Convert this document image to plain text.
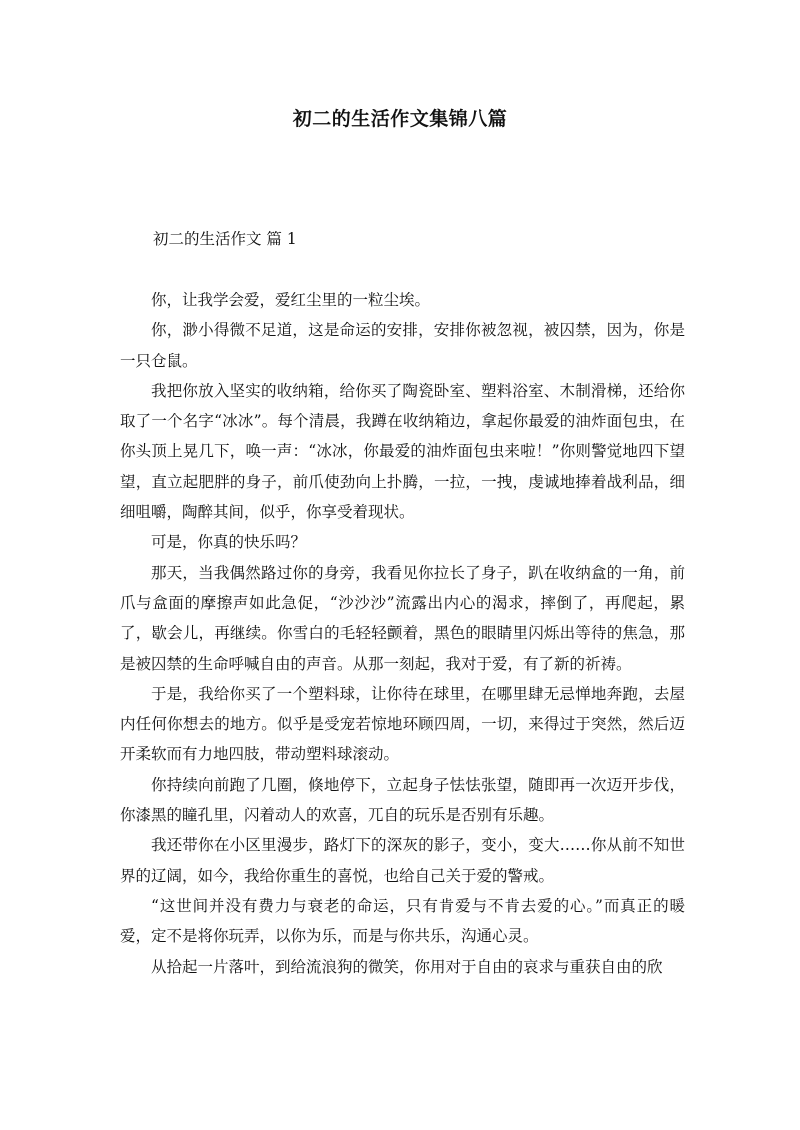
初二的生活作文集锦八篇
初二的生活作文 篇 1

你，让我学会爱，爱红尘里的一粒尘埃。

你，渺小得微不足道，这是命运的安排，安排你被忽视，被囚禁，因为，你是一只仓鼠。

我把你放入坚实的收纳箱，给你买了陶瓷卧室、塑料浴室、木制滑梯，还给你取了一个名字“冰冰”。每个清晨，我蹲在收纳箱边，拿起你最爱的油炸面包虫，在你头顶上晃几下，唤一声：“冰冰，你最爱的油炸面包虫来啦！”你则警觉地四下望望，直立起肥胖的身子，前爪使劲向上扑腾，一拉，一拽，虔诚地捧着战利品，细细咀嚼，陶醉其间，似乎，你享受着现状。

可是，你真的快乐吗？

那天，当我偶然路过你的身旁，我看见你拉长了身子，趴在收纳盒的一角，前爪与盒面的摩擦声如此急促，“沙沙沙”流露出内心的渴求，摔倒了，再爬起，累了，歇会儿，再继续。你雪白的毛轻轻颤着，黑色的眼睛里闪烁出等待的焦急，那是被囚禁的生命呼喊自由的声音。从那一刻起，我对于爱，有了新的祈祷。

于是，我给你买了一个塑料球，让你待在球里，在哪里肆无忌惮地奔跑，去屋内任何你想去的地方。似乎是受宠若惊地环顾四周，一切，来得过于突然，然后迈开柔软而有力地四肢，带动塑料球滚动。

你持续向前跑了几圈，倏地停下，立起身子怯怯张望，随即再一次迈开步伐，你漆黑的瞳孔里，闪着动人的欢喜，兀自的玩乐是否别有乐趣。

我还带你在小区里漫步，路灯下的深灰的影子，变小，变大……你从前不知世界的辽阔，如今，我给你重生的喜悦，也给自己关于爱的警戒。

“这世间并没有费力与衰老的命运，只有肯爱与不肯去爱的心。”而真正的暖爱，定不是将你玩弄，以你为乐，而是与你共乐，沟通心灵。

从拾起一片落叶，到给流浪狗的微笑，你用对于自由的哀求与重获自由的欣
